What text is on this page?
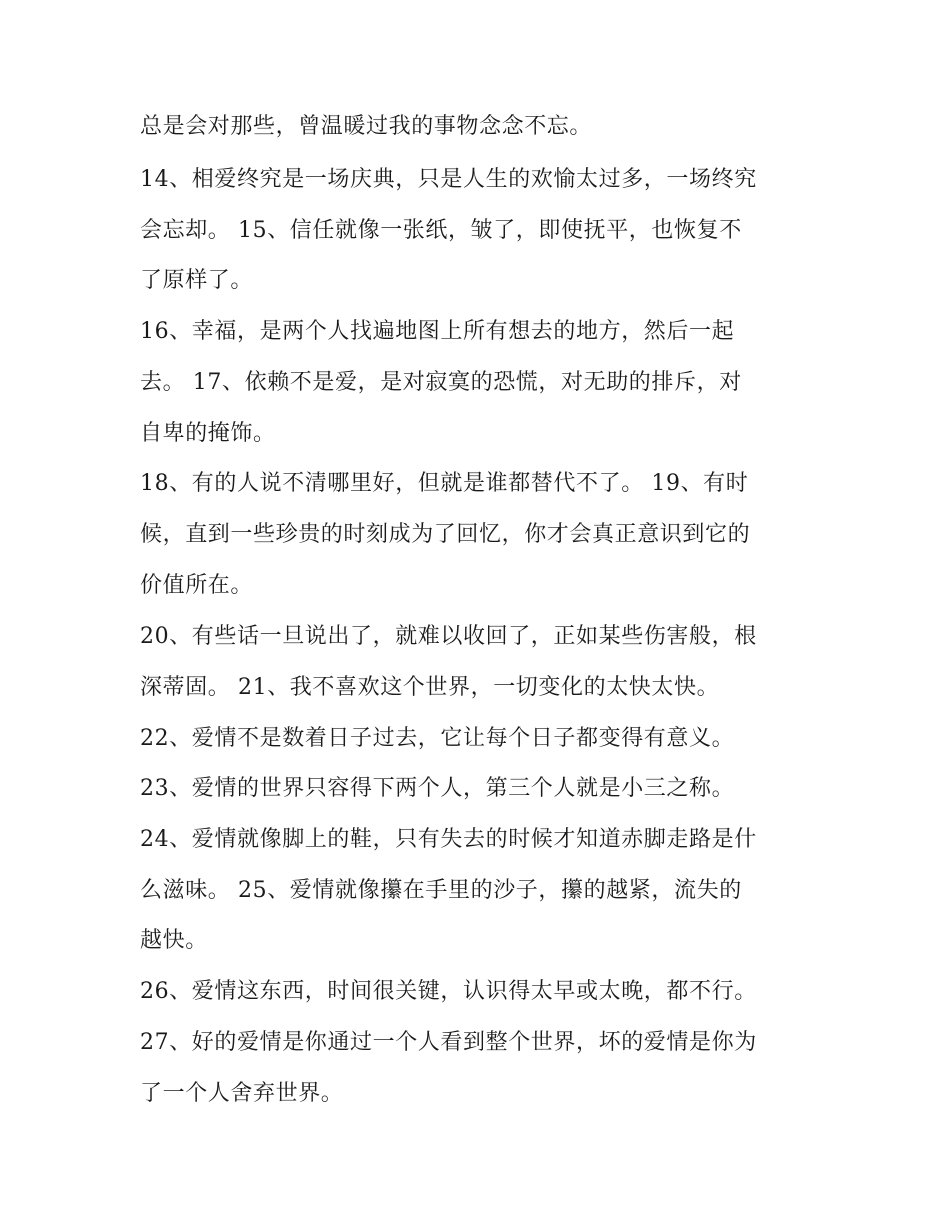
总是会对那些，曾温暖过我的事物念念不忘。
14、相爱终究是一场庆典，只是人生的欢愉太过多，一场终究
会忘却。 15、信任就像一张纸，皱了，即使抚平，也恢复不
了原样了。
16、幸福，是两个人找遍地图上所有想去的地方，然后一起
去。 17、依赖不是爱，是对寂寞的恐慌，对无助的排斥，对
自卑的掩饰。
18、有的人说不清哪里好，但就是谁都替代不了。 19、有时
候，直到一些珍贵的时刻成为了回忆，你才会真正意识到它的
价值所在。
20、有些话一旦说出了，就难以收回了，正如某些伤害般，根
深蒂固。 21、我不喜欢这个世界，一切变化的太快太快。
22、爱情不是数着日子过去，它让每个日子都变得有意义。
23、爱情的世界只容得下两个人，第三个人就是小三之称。
24、爱情就像脚上的鞋，只有失去的时候才知道赤脚走路是什
么滋味。 25、爱情就像攥在手里的沙子，攥的越紧，流失的
越快。
26、爱情这东西，时间很关键，认识得太早或太晚，都不行。
27、好的爱情是你通过一个人看到整个世界，坏的爱情是你为
了一个人舍弃世界。
